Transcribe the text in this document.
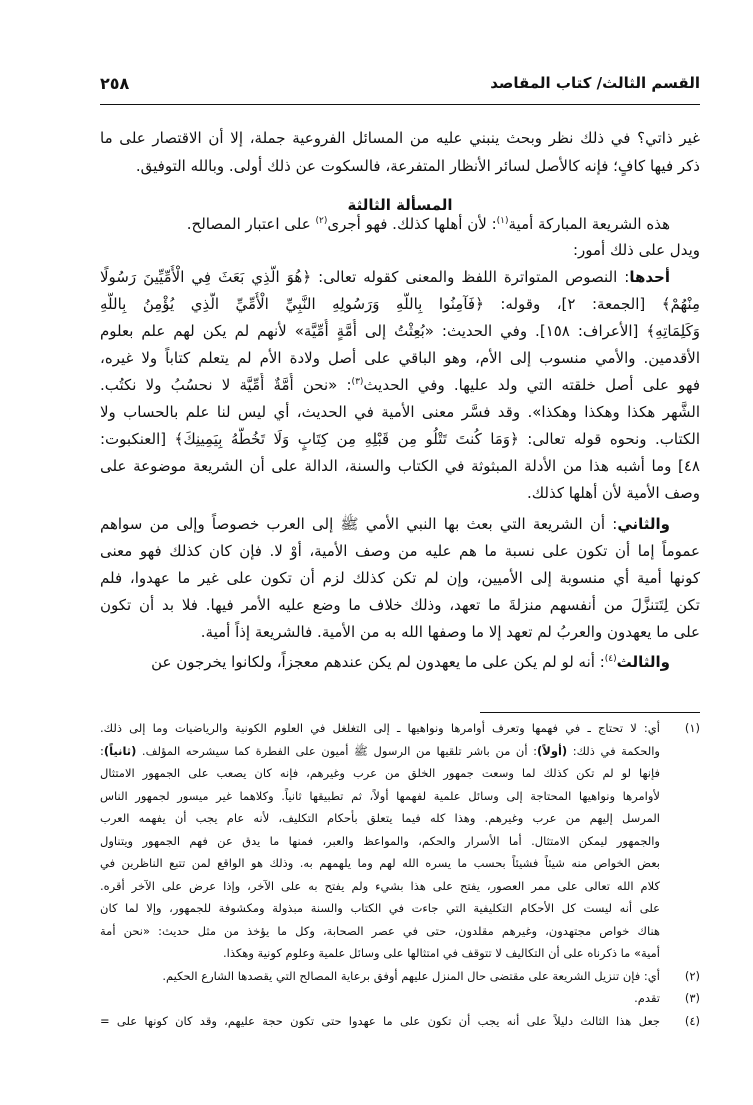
القسم الثالث/ كتاب المقاصد
٢٥٨
المسألة الثالثة
غير ذاتي؟ في ذلك نظر وبحث ينبني عليه من المسائل الفروعية جملة، إلا أن الاقتصار على ما
ذكر فيها كافٍ؛ فإنه كالأصل لسائر الأنظار المتفرعة، فالسكوت عن ذلك أولى. وبالله التوفيق.
هذه الشريعة المباركة أمية$^{(١)}$: لأن أهلها كذلك. فهو أجرى$^{(٢)}$ على اعتبار المصالح.
ويدل على ذلك أمور:
أحدها: النصوص المتواترة اللفظ والمعنى كقوله تعالى: ﴿هُوَ الَّذِي بَعَثَ فِي الْأُمِّيِّينَ رَسُولًا
مِنْهُمْ﴾ [الجمعة: ٢]، وقوله: ﴿فَآمِنُوا بِاللَّهِ وَرَسُولِهِ النَّبِيِّ الْأُمِّيِّ الَّذِي يُؤْمِنُ بِاللَّهِ
وَكَلِمَاتِهِ﴾ [الأعراف: ١٥٨]. وفي الحديث: «بُعِثْتُ إلى أُمَّةٍ أُمِّيَّة» لأنهم لم يكن لهم علم بعلوم
الأقدمين. والأمي منسوب إلى الأم، وهو الباقي على أصل ولادة الأم لم يتعلم كتاباً ولا غيره،
فهو على أصل خلقته التي ولد عليها. وفي الحديث$^{(٣)}$: «نحن أُمَّةٌ أُمِّيَّة لا نحسُبُ ولا نكتُب.
الشَّهر هكذا وهكذا وهكذا». وقد فسَّر معنى الأمية في الحديث، أي ليس لنا علم بالحساب ولا
الكتاب. ونحوه قوله تعالى: ﴿وَمَا كُنتَ تَتْلُو مِن قَبْلِهِ مِن كِتَابٍ وَلَا تَخُطُّهُ بِيَمِينِكَ﴾ [العنكبوت:
٤٨] وما أشبه هذا من الأدلة المبثوثة في الكتاب والسنة، الدالة على أن الشريعة موضوعة على
وصف الأمية لأن أهلها كذلك.
والثاني: أن الشريعة التي بعث بها النبي الأمي ﷺ إلى العرب خصوصاً وإلى من سواهم
عموماً إما أن تكون على نسبة ما هم عليه من وصف الأمية، أوْ لا. فإن كان كذلك فهو معنى
كونها أمية أي منسوبة إلى الأميين، وإن لم تكن كذلك لزم أن تكون على غير ما عهدوا، فلم
تكن لِتَتنزَّلَ من أنفسهم منزلةَ ما تعهد، وذلك خلاف ما وضع عليه الأمر فيها. فلا بد أن تكون
على ما يعهدون والعربُ لم تعهد إلا ما وصفها الله به من الأمية. فالشريعة إذاً أمية.
والثالث$^{(٤)}$: أنه لو لم يكن على ما يعهدون لم يكن عندهم معجزاً، ولكانوا يخرجون عن
(١)
أي: لا تحتاج ـ في فهمها وتعرف أوامرها ونواهيها ـ إلى التغلغل في العلوم الكونية والرياضيات وما إلى ذلك.
والحكمة في ذلك: (أولاً): أن من باشر تلقيها من الرسول ﷺ أميون على الفطرة كما سيشرحه المؤلف. (ثانياً):
فإنها لو لم تكن كذلك لما وسعت جمهور الخلق من عرب وغيرهم، فإنه كان يصعب على الجمهور الامتثال
لأوامرها ونواهيها المحتاجة إلى وسائل علمية لفهمها أولاً، ثم تطبيقها ثانياً. وكلاهما غير ميسور لجمهور الناس
المرسل إليهم من عرب وغيرهم. وهذا كله فيما يتعلق بأحكام التكليف، لأنه عام يجب أن يفهمه العرب
والجمهور ليمكن الامتثال. أما الأسرار والحكم، والمواعظ والعبر، فمنها ما يدق عن فهم الجمهور ويتناول
بعض الخواص منه شيئاً فشيئاً بحسب ما يسره الله لهم وما يلهمهم به. وذلك هو الواقع لمن تتبع الناظرين في
كلام الله تعالى على ممر العصور، يفتح على هذا بشيء ولم يفتح به على الآخر، وإذا عرض على الآخر أقره.
على أنه ليست كل الأحكام التكليفية التي جاءت في الكتاب والسنة مبذولة ومكشوفة للجمهور، وإلا لما كان
هناك خواص مجتهدون، وغيرهم مقلدون، حتى في عصر الصحابة، وكل ما يؤخذ من مثل حديث: «نحن أمة
أمية» ما ذكرناه على أن التكاليف لا تتوقف في امتثالها على وسائل علمية وعلوم كونية وهكذا.
(٢)
أي: فإن تنزيل الشريعة على مقتضى حال المنزل عليهم أوفق برعاية المصالح التي يقصدها الشارع الحكيم.
(٣)
تقدم.
(٤)
جعل هذا الثالث دليلاً على أنه يجب أن تكون على ما عهدوا حتى تكون حجة عليهم، وقد كان كونها على =
